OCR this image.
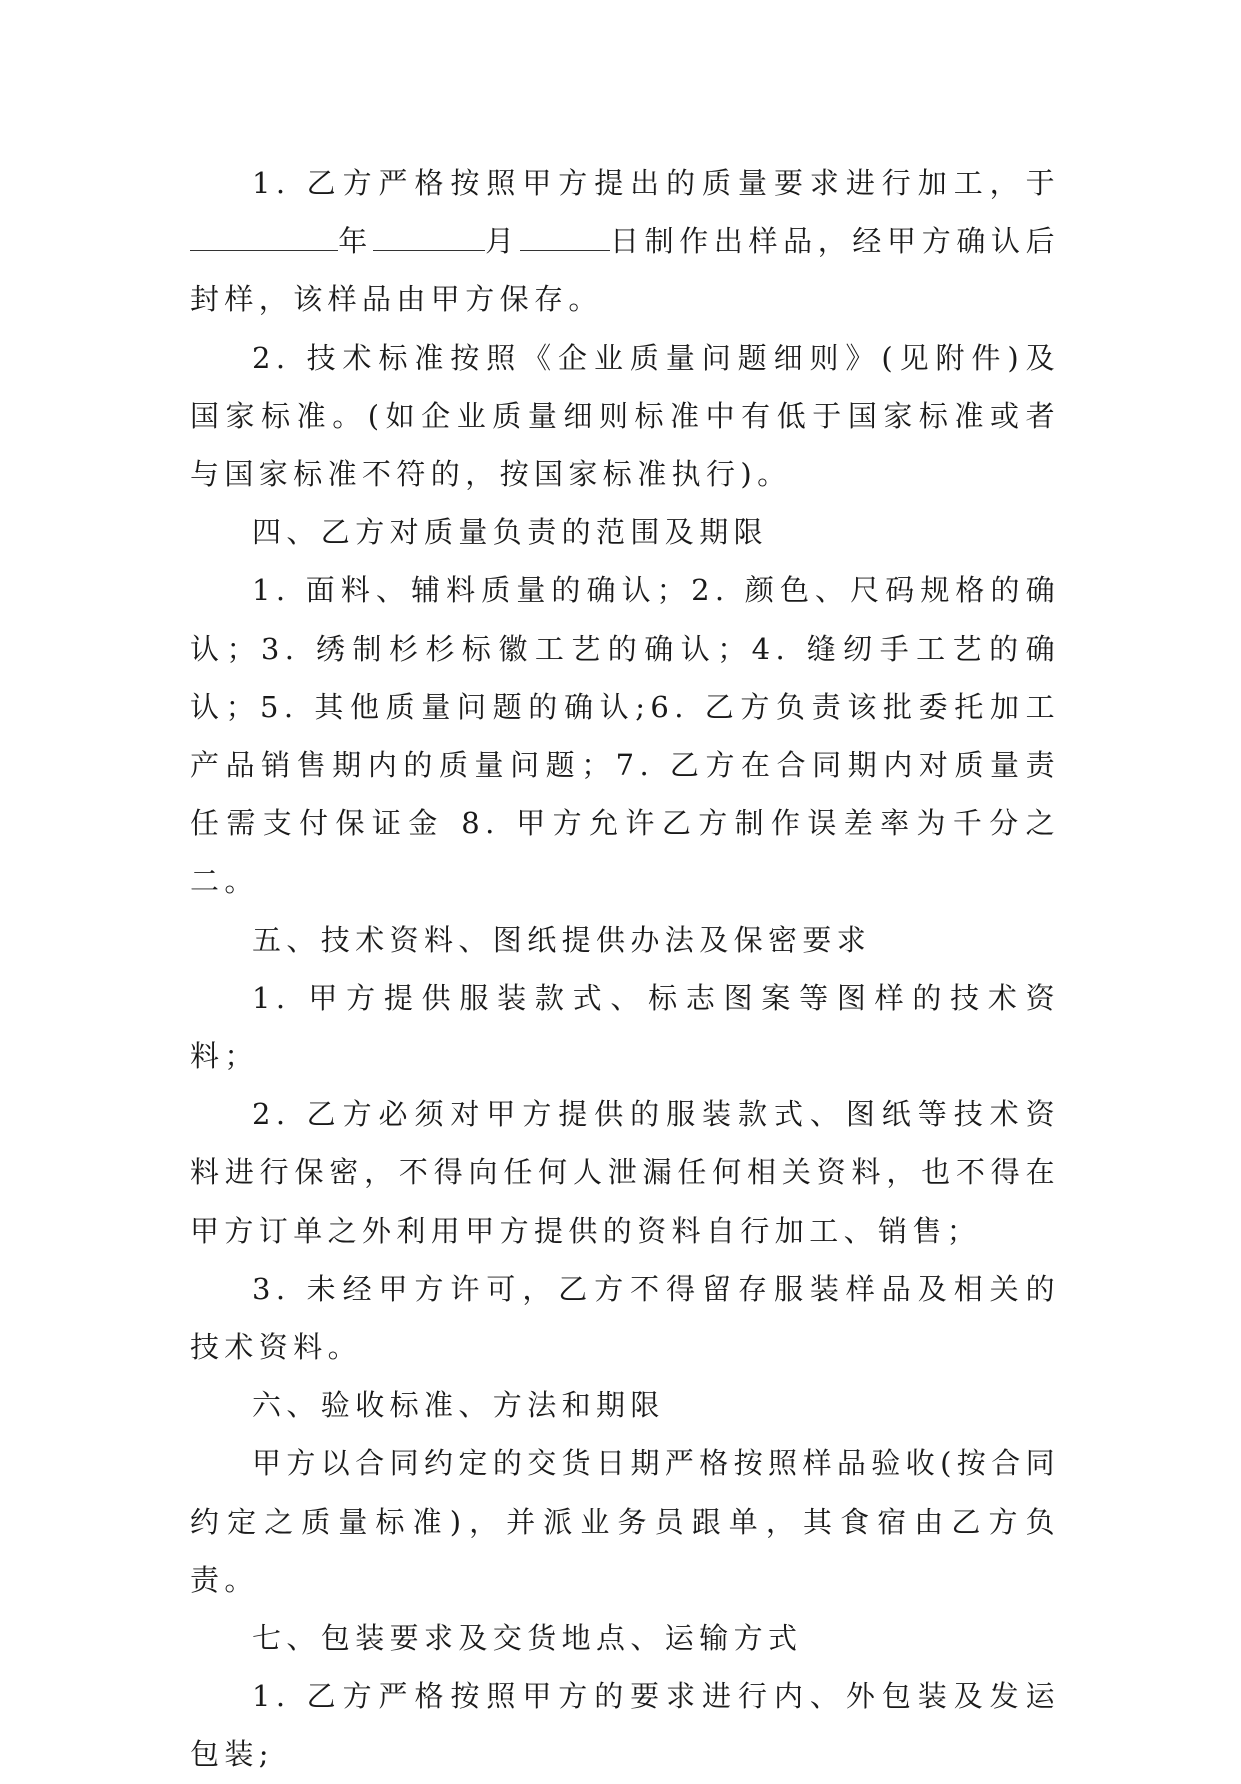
1. 乙方严格按照甲方提出的质量要求进行加工，于年	月	日制作出样品，经甲方确认后封样，该样品由甲方保存。

2. 技术标准按照《企业质量问题细则》(见附件)及国家标准。(如企业质量细则标准中有低于国家标准或者与国家标准不符的，按国家标准执行)。

四、乙方对质量负责的范围及期限

1. 面料、辅料质量的确认；2. 颜色、尺码规格的确认；3. 绣制杉杉标徽工艺的确认；4. 缝纫手工艺的确认；5. 其他质量问题的确认;6. 乙方负责该批委托加工产品销售期内的质量问题；7. 乙方在合同期内对质量责任需支付保证金 8. 甲方允许乙方制作误差率为千分之二。

五、技术资料、图纸提供办法及保密要求

1. 甲方提供服装款式、标志图案等图样的技术资料；

2. 乙方必须对甲方提供的服装款式、图纸等技术资料进行保密，不得向任何人泄漏任何相关资料，也不得在甲方订单之外利用甲方提供的资料自行加工、销售；

3. 未经甲方许可，乙方不得留存服装样品及相关的技术资料。

六、验收标准、方法和期限

甲方以合同约定的交货日期严格按照样品验收(按合同约定之质量标准)，并派业务员跟单，其食宿由乙方负责。

七、包装要求及交货地点、运输方式

1. 乙方严格按照甲方的要求进行内、外包装及发运包装;
